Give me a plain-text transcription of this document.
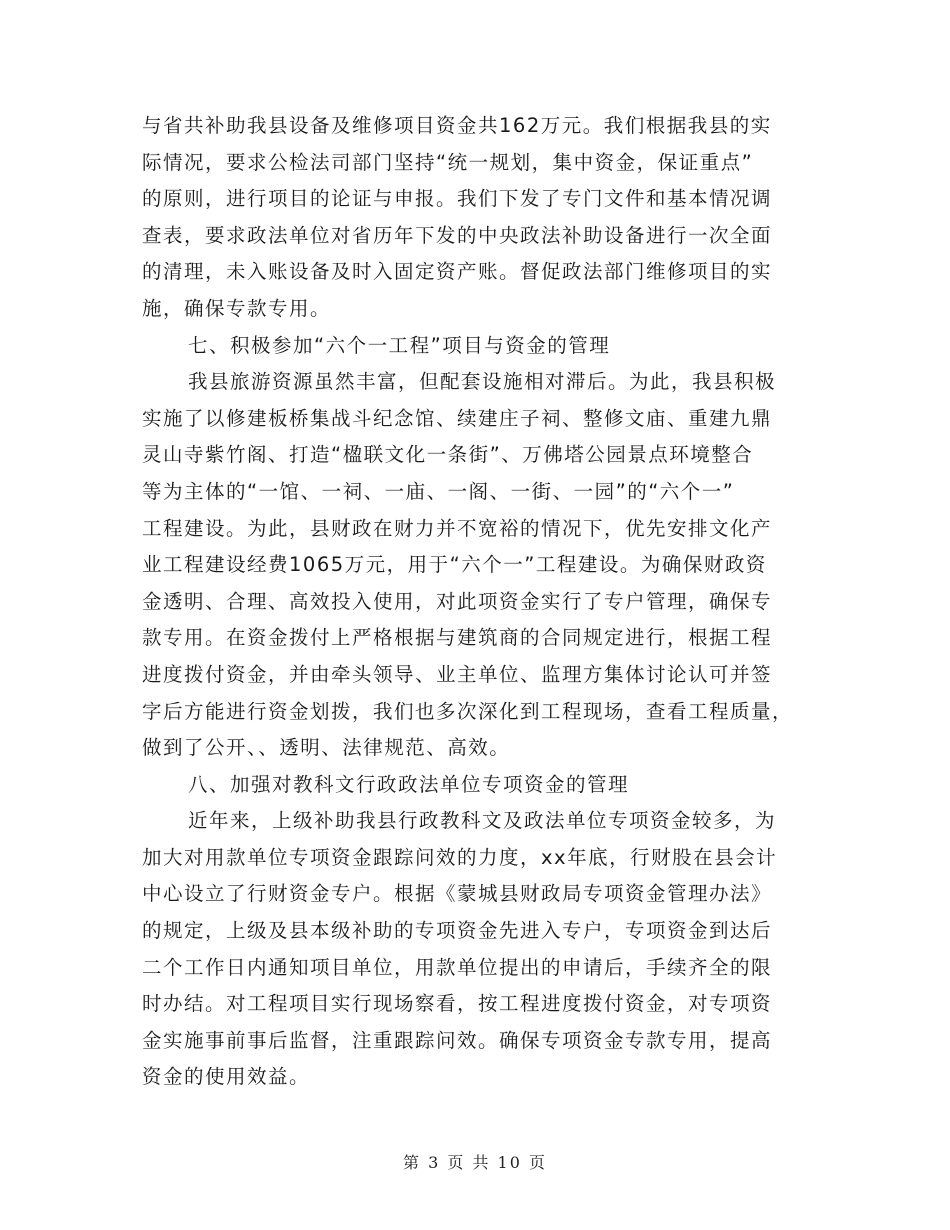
与省共补助我县设备及维修项目资金共162万元。我们根据我县的实
际情况，要求公检法司部门坚持“统一规划，集中资金，保证重点”
的原则，进行项目的论证与申报。我们下发了专门文件和基本情况调
查表，要求政法单位对省历年下发的中央政法补助设备进行一次全面
的清理，未入账设备及时入固定资产账。督促政法部门维修项目的实
施，确保专款专用。
七、积极参加“六个一工程”项目与资金的管理
我县旅游资源虽然丰富，但配套设施相对滞后。为此，我县积极
实施了以修建板桥集战斗纪念馆、续建庄子祠、整修文庙、重建九鼎
灵山寺紫竹阁、打造“楹联文化一条街”、万佛塔公园景点环境整合
等为主体的“一馆、一祠、一庙、一阁、一街、一园”的“六个一”
工程建设。为此，县财政在财力并不宽裕的情况下，优先安排文化产
业工程建设经费1065万元，用于“六个一”工程建设。为确保财政资
金透明、合理、高效投入使用，对此项资金实行了专户管理，确保专
款专用。在资金拨付上严格根据与建筑商的合同规定进行，根据工程
进度拨付资金，并由牵头领导、业主单位、监理方集体讨论认可并签
字后方能进行资金划拨，我们也多次深化到工程现场，查看工程质量，
做到了公开、、透明、法律规范、高效。
八、加强对教科文行政政法单位专项资金的管理
近年来，上级补助我县行政教科文及政法单位专项资金较多，为
加大对用款单位专项资金跟踪问效的力度，xx年底，行财股在县会计
中心设立了行财资金专户。根据《蒙城县财政局专项资金管理办法》
的规定，上级及县本级补助的专项资金先进入专户，专项资金到达后
二个工作日内通知项目单位，用款单位提出的申请后，手续齐全的限
时办结。对工程项目实行现场察看，按工程进度拨付资金，对专项资
金实施事前事后监督，注重跟踪问效。确保专项资金专款专用，提高
资金的使用效益。
第 3 页 共 10 页
